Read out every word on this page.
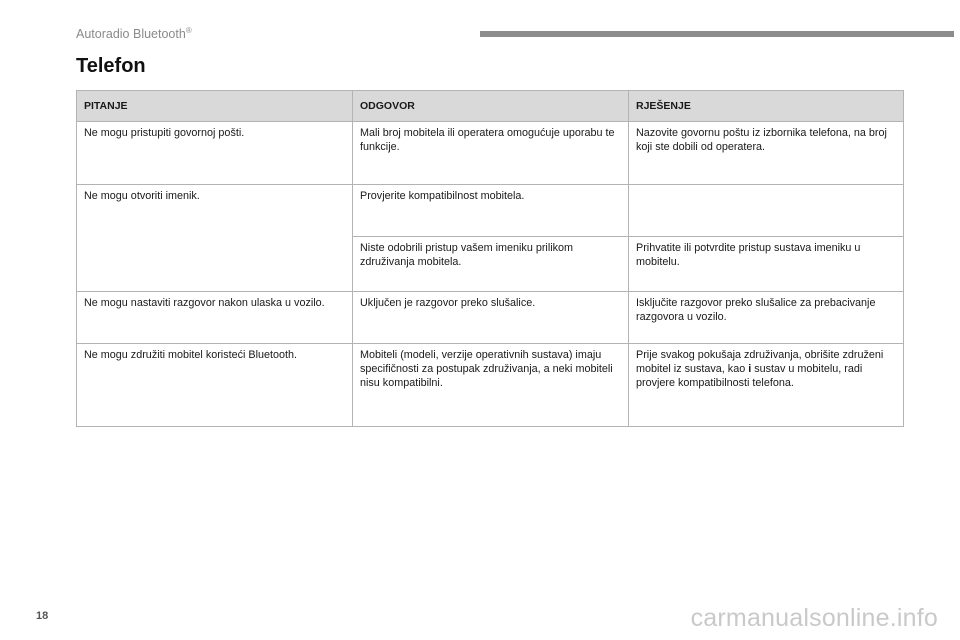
Autoradio Bluetooth®
Telefon
PITANJE	ODGOVOR	RJEŠENJE
Ne mogu pristupiti govornoj pošti.	Mali broj mobitela ili operatera omogućuje uporabu te funkcije.	Nazovite govornu poštu iz izbornika telefona, na broj koji ste dobili od operatera.
Ne mogu otvoriti imenik.	Provjerite kompatibilnost mobitela.	
	Niste odobrili pristup vašem imeniku prilikom združivanja mobitela.	Prihvatite ili potvrdite pristup sustava imeniku u mobitelu.
Ne mogu nastaviti razgovor nakon ulaska u vozilo.	Uključen je razgovor preko slušalice.	Isključite razgovor preko slušalice za prebacivanje razgovora u vozilo.
Ne mogu združiti mobitel koristeći Bluetooth.	Mobiteli (modeli, verzije operativnih sustava) imaju specifičnosti za postupak združivanja, a neki mobiteli nisu kompatibilni.	Prije svakog pokušaja združivanja, obrišite združeni mobitel iz sustava, kao i sustav u mobitelu, radi provjere kompatibilnosti telefona.
18	carmanualsonline.info
